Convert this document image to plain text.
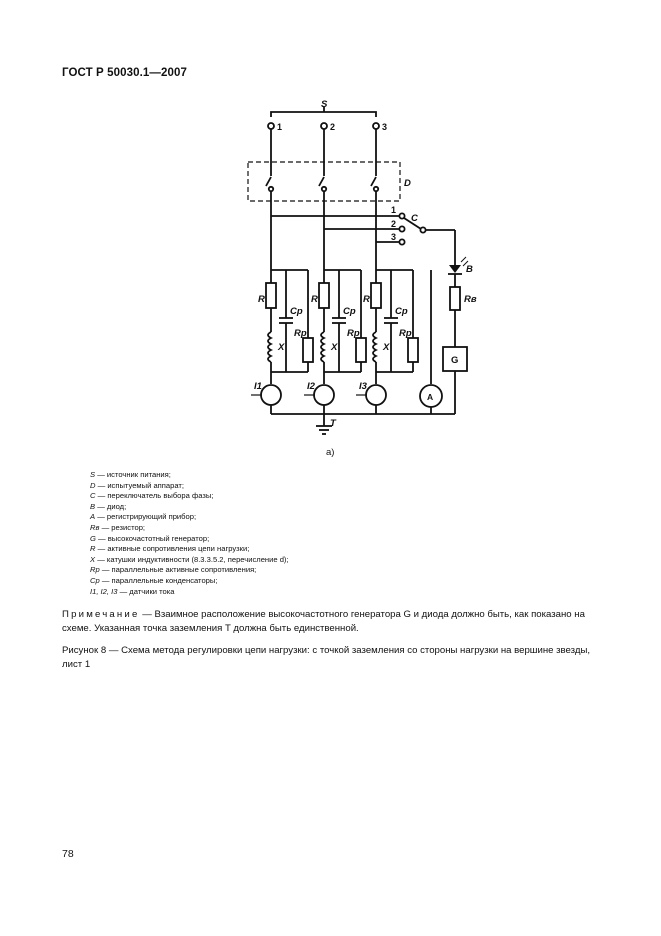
ГОСТ Р 50030.1—2007
R
X
Cp
Rp
I1
R
X
Cp
Rp
I2
R
X
Cp
Rp
I3
S
1	2	3
D
1
2
3
C
B
Rв
G
A
T
a)
S — источник питания;
D — испытуемый аппарат;
C — переключатель выбора фазы;
B — диод;
A — регистрирующий прибор;
Rв — резистор;
G — высокочастотный генератор;
R — активные сопротивления цепи нагрузки;
X — катушки индуктивности (8.3.3.5.2, перечисление d);
Rp — параллельные активные сопротивления;
Cp — параллельные конденсаторы;
I1, I2, I3 — датчики тока
Примечание — Взаимное расположение высокочастотного генератора G и диода должно быть, как показано на схеме. Указанная точка заземления T должна быть единственной.
Рисунок 8 — Схема метода регулировки цепи нагрузки: с точкой заземления со стороны нагрузки на вершине звезды, лист 1
78
